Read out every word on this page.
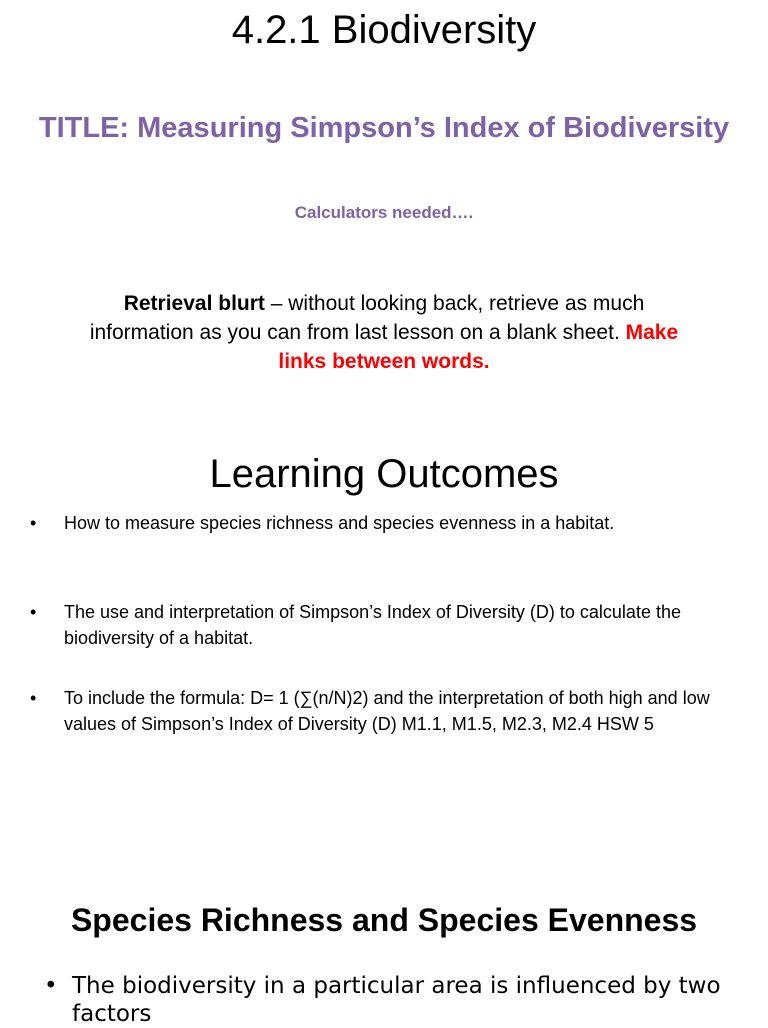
4.2.1 Biodiversity
TITLE: Measuring Simpson’s Index of Biodiversity
Calculators needed….
Retrieval blurt – without looking back, retrieve as much information as you can from last lesson on a blank sheet. Make links between words.
Learning Outcomes
•	How to measure species richness and species evenness in a habitat.
•	The use and interpretation of Simpson’s Index of Diversity (D) to calculate the biodiversity of a habitat.
•	To include the formula: D= 1 (∑(n/N)2) and the interpretation of both high and low values of Simpson’s Index of Diversity (D) M1.1, M1.5, M2.3, M2.4 HSW 5
Species Richness and Species Evenness
• The biodiversity in a particular area is influenced by two factors
